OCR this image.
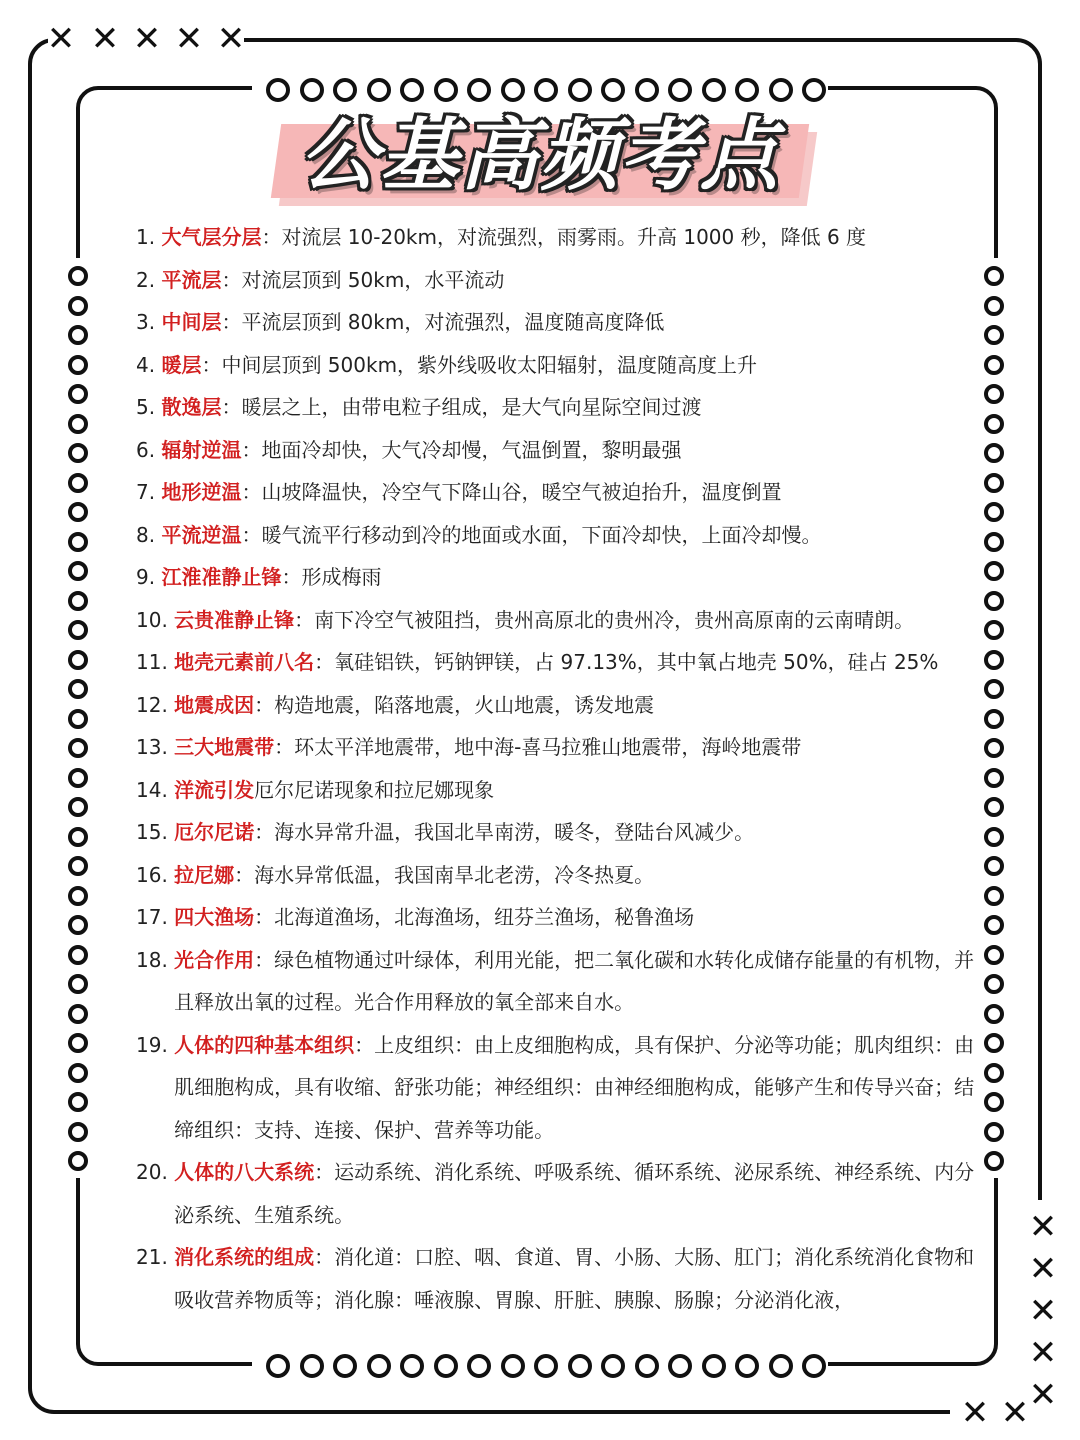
✕ ✕ ✕ ✕ ✕
✕
✕
✕
✕
✕
✕ ✕
公基高频考点
1. 大气层分层：对流层 10-20km，对流强烈，雨雾雨。升高 1000 秒，降低 6 度
2. 平流层：对流层顶到 50km，水平流动
3. 中间层：平流层顶到 80km，对流强烈，温度随高度降低
4. 暖层：中间层顶到 500km，紫外线吸收太阳辐射，温度随高度上升
5. 散逸层：暖层之上，由带电粒子组成，是大气向星际空间过渡
6. 辐射逆温：地面冷却快，大气冷却慢，气温倒置，黎明最强
7. 地形逆温：山坡降温快，冷空气下降山谷，暖空气被迫抬升，温度倒置
8. 平流逆温：暖气流平行移动到冷的地面或水面，下面冷却快，上面冷却慢。
9. 江淮准静止锋：形成梅雨
10. 云贵准静止锋：南下冷空气被阻挡，贵州高原北的贵州冷，贵州高原南的云南晴朗。
11. 地壳元素前八名：氧硅铝铁，钙钠钾镁，占 97.13%，其中氧占地壳 50%，硅占 25%
12. 地震成因：构造地震，陷落地震，火山地震，诱发地震
13. 三大地震带：环太平洋地震带，地中海-喜马拉雅山地震带，海岭地震带
14. 洋流引发厄尔尼诺现象和拉尼娜现象
15. 厄尔尼诺：海水异常升温，我国北旱南涝，暖冬，登陆台风减少。
16. 拉尼娜：海水异常低温，我国南旱北老涝，冷冬热夏。
17. 四大渔场：北海道渔场，北海渔场，纽芬兰渔场，秘鲁渔场
18. 光合作用：绿色植物通过叶绿体，利用光能，把二氧化碳和水转化成储存能量的有机物，并且释放出氧的过程。光合作用释放的氧全部来自水。
19. 人体的四种基本组织：上皮组织：由上皮细胞构成，具有保护、分泌等功能；肌肉组织：由肌细胞构成，具有收缩、舒张功能；神经组织：由神经细胞构成，能够产生和传导兴奋；结缔组织：支持、连接、保护、营养等功能。
20. 人体的八大系统：运动系统、消化系统、呼吸系统、循环系统、泌尿系统、神经系统、内分泌系统、生殖系统。
21. 消化系统的组成：消化道：口腔、咽、食道、胃、小肠、大肠、肛门；消化系统消化食物和吸收营养物质等；消化腺：唾液腺、胃腺、肝脏、胰腺、肠腺；分泌消化液，
